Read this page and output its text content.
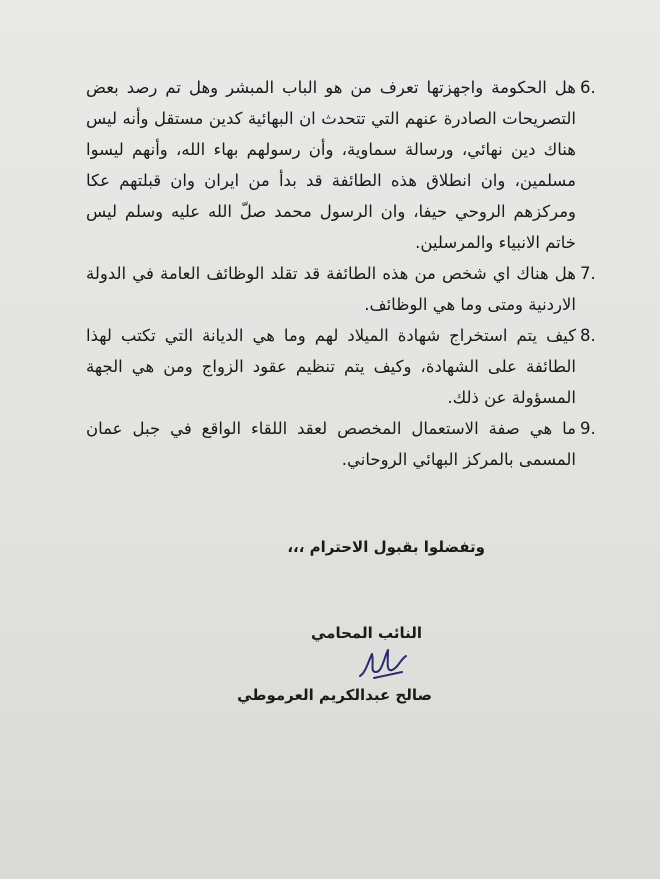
6.
هل الحكومة واجهزتها تعرف من هو الباب المبشر وهل تم رصد بعض التصريحات الصادرة عنهم التي تتحدث ان البهائية كدين مستقل وأنه ليس هناك دين نهائي، ورسالة سماوية، وأن رسولهم بهاء الله، وأنهم ليسوا مسلمين، وان انطلاق هذه الطائفة قد بدأ من ايران وان قبلتهم عكا ومركزهم الروحي حيفا، وان الرسول محمد صلّ الله عليه وسلم ليس خاتم الانبياء والمرسلين.
7.
هل هناك اي شخص من هذه الطائفة قد تقلد الوظائف العامة في الدولة الاردنية ومتى وما هي الوظائف.
8.
كيف يتم استخراج شهادة الميلاد لهم وما هي الديانة التي تكتب لهذا الطائفة على الشهادة، وكيف يتم تنظيم عقود الزواج ومن هي الجهة المسؤولة عن ذلك.
9.
ما هي صفة الاستعمال المخصص لعقد اللقاء الواقع في جبل عمان المسمى بالمركز البهائي الروحاني.
وتفضلوا بقبول الاحترام ،،،
النائب المحامي
صالح عبدالكريم العرموطي
